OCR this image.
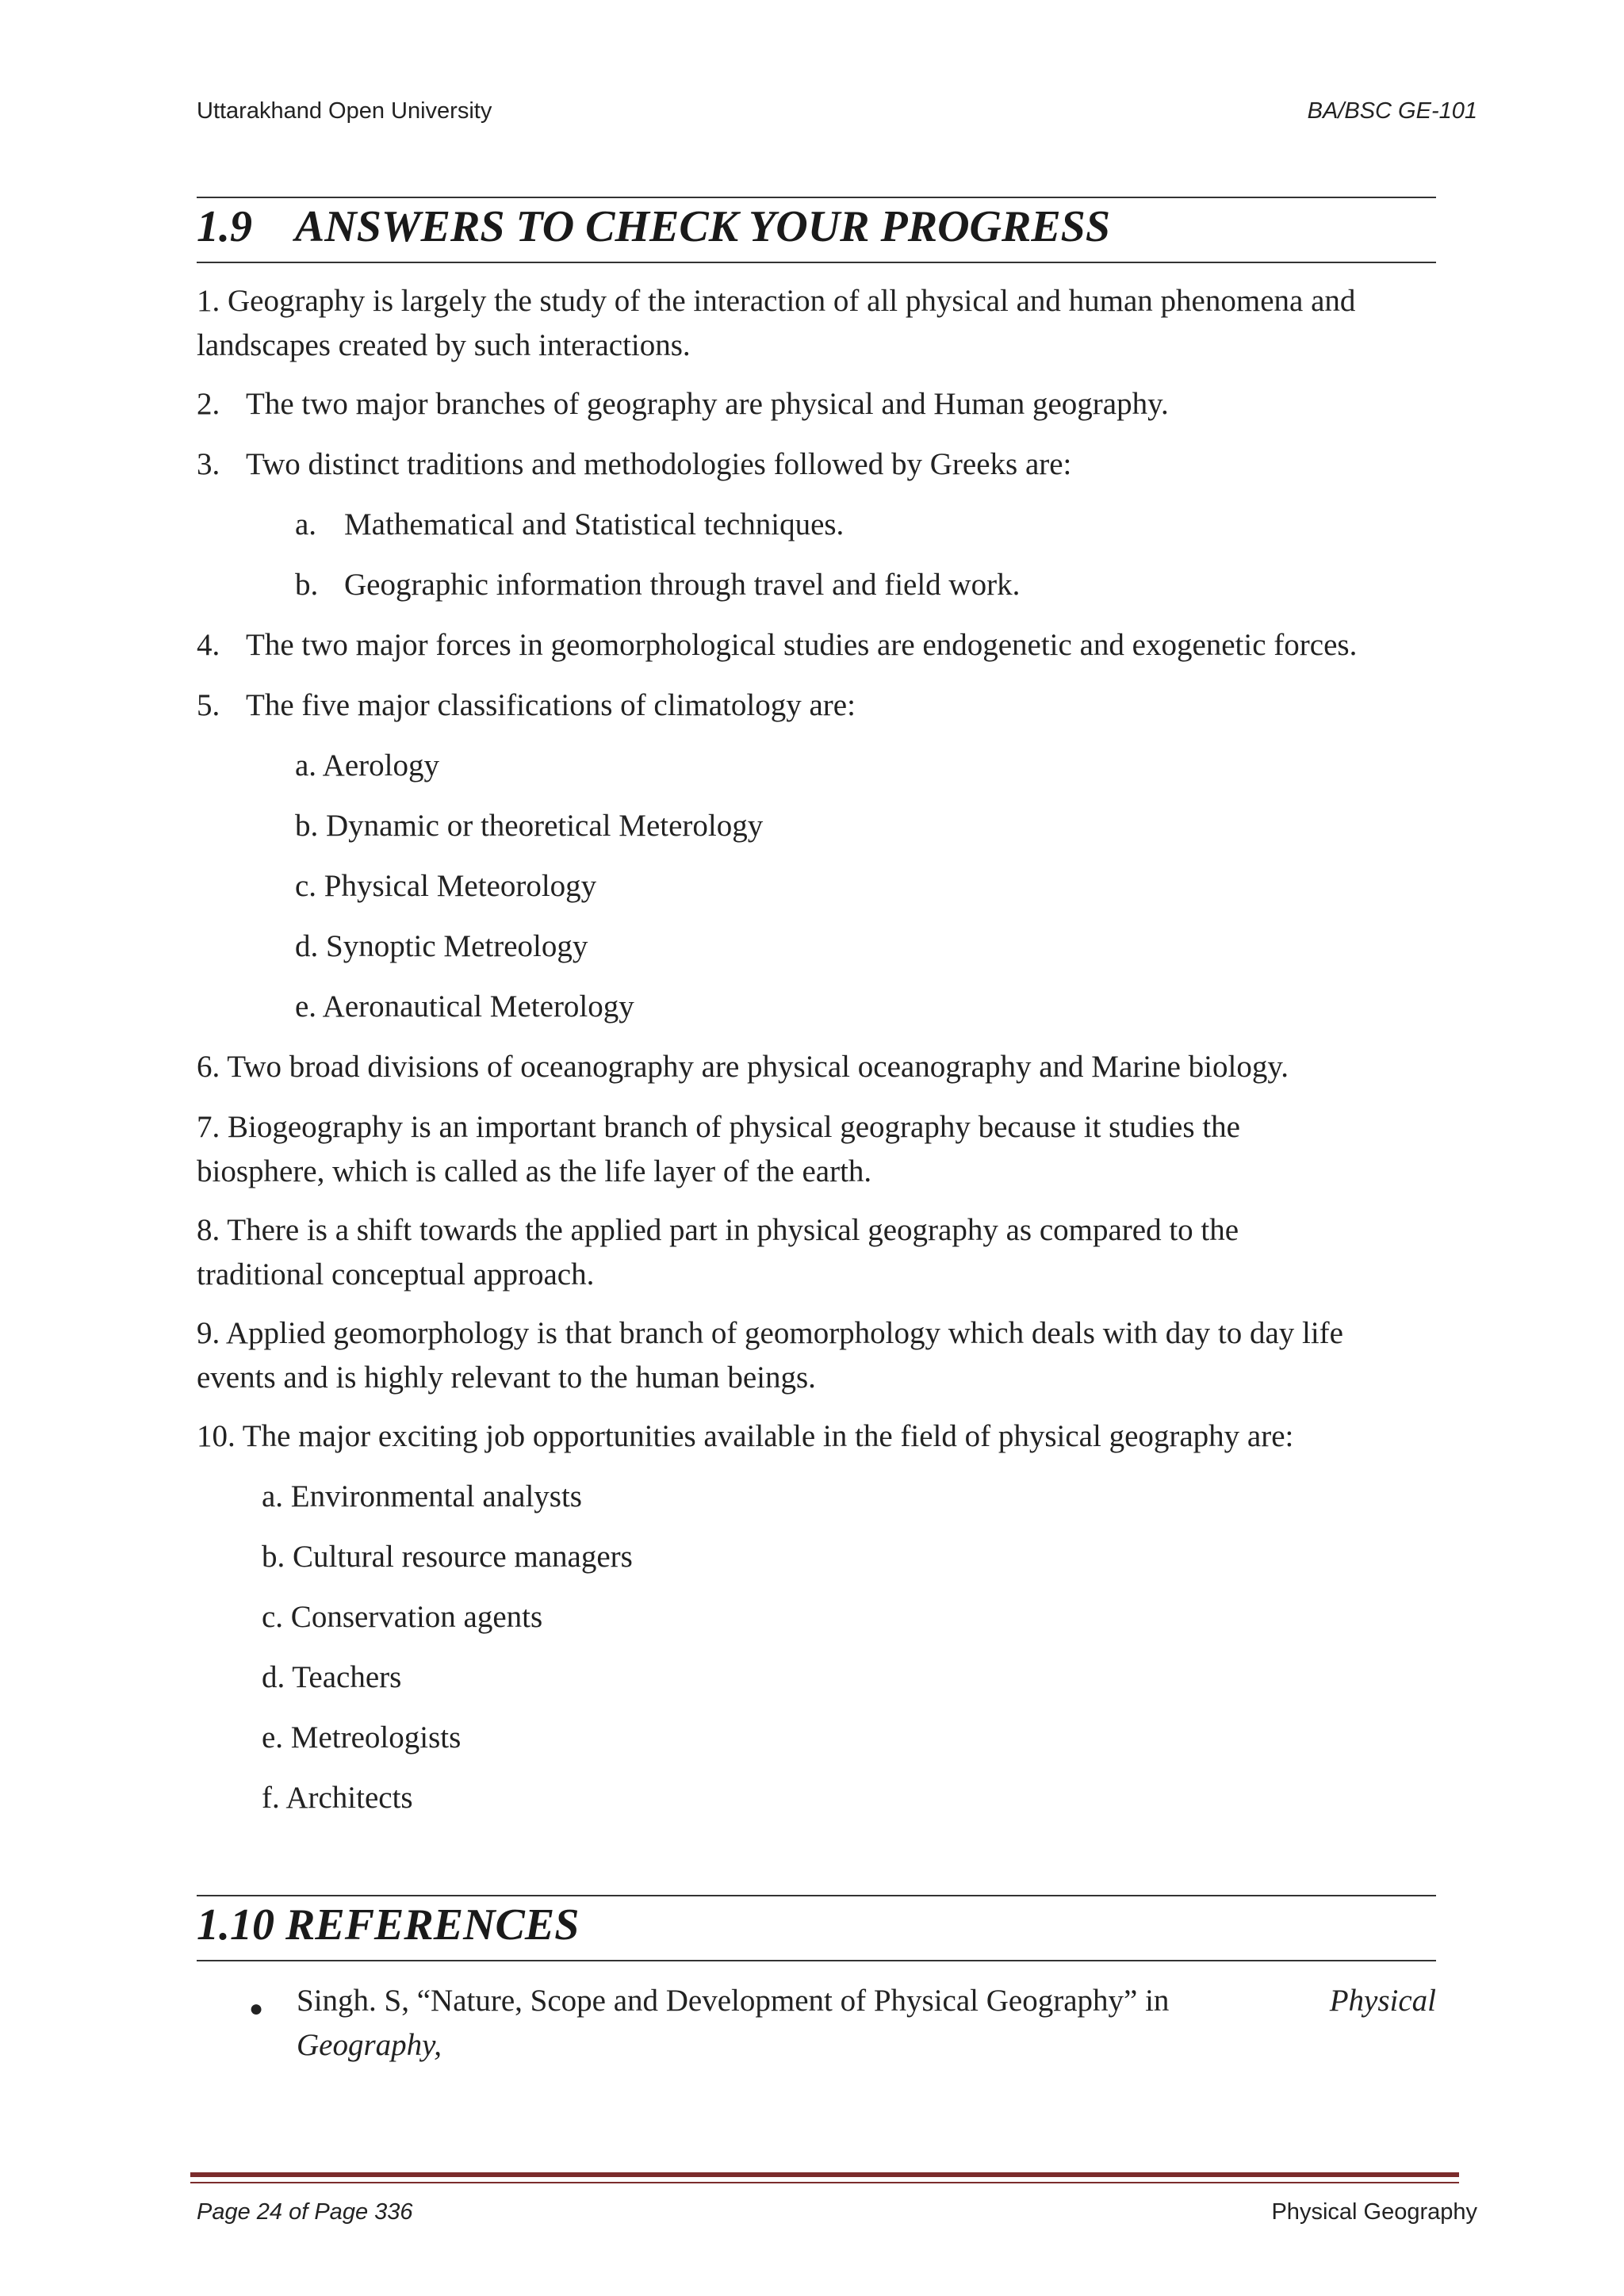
Uttarakhand Open University	BA/BSC GE-101
1.9 ANSWERS TO CHECK YOUR PROGRESS
1. Geography is largely the study of the interaction of all physical and human phenomena and
landscapes created by such interactions.
2. The two major branches of geography are physical and Human geography.
3. Two distinct traditions and methodologies followed by Greeks are:
a. Mathematical and Statistical techniques.
b. Geographic information through travel and field work.
4. The two major forces in geomorphological studies are endogenetic and exogenetic forces.
5. The five major classifications of climatology are:
a. Aerology
b. Dynamic or theoretical Meterology
c. Physical Meteorology
d. Synoptic Metreology
e. Aeronautical Meterology
6. Two broad divisions of oceanography are physical oceanography and Marine biology.
7. Biogeography is an important branch of physical geography because it studies the
biosphere, which is called as the life layer of the earth.
8. There is a shift towards the applied part in physical geography as compared to the
traditional conceptual approach.
9. Applied geomorphology is that branch of geomorphology which deals with day to day life
events and is highly relevant to the human beings.
10. The major exciting job opportunities available in the field of physical geography are:
a. Environmental analysts
b. Cultural resource managers
c. Conservation agents
d. Teachers
e. Metreologists
f. Architects
1.10 REFERENCES
● Singh. S, “Nature, Scope and Development of Physical Geography” in	Physical
Geography,
Page 24 of Page 336	Physical Geography
